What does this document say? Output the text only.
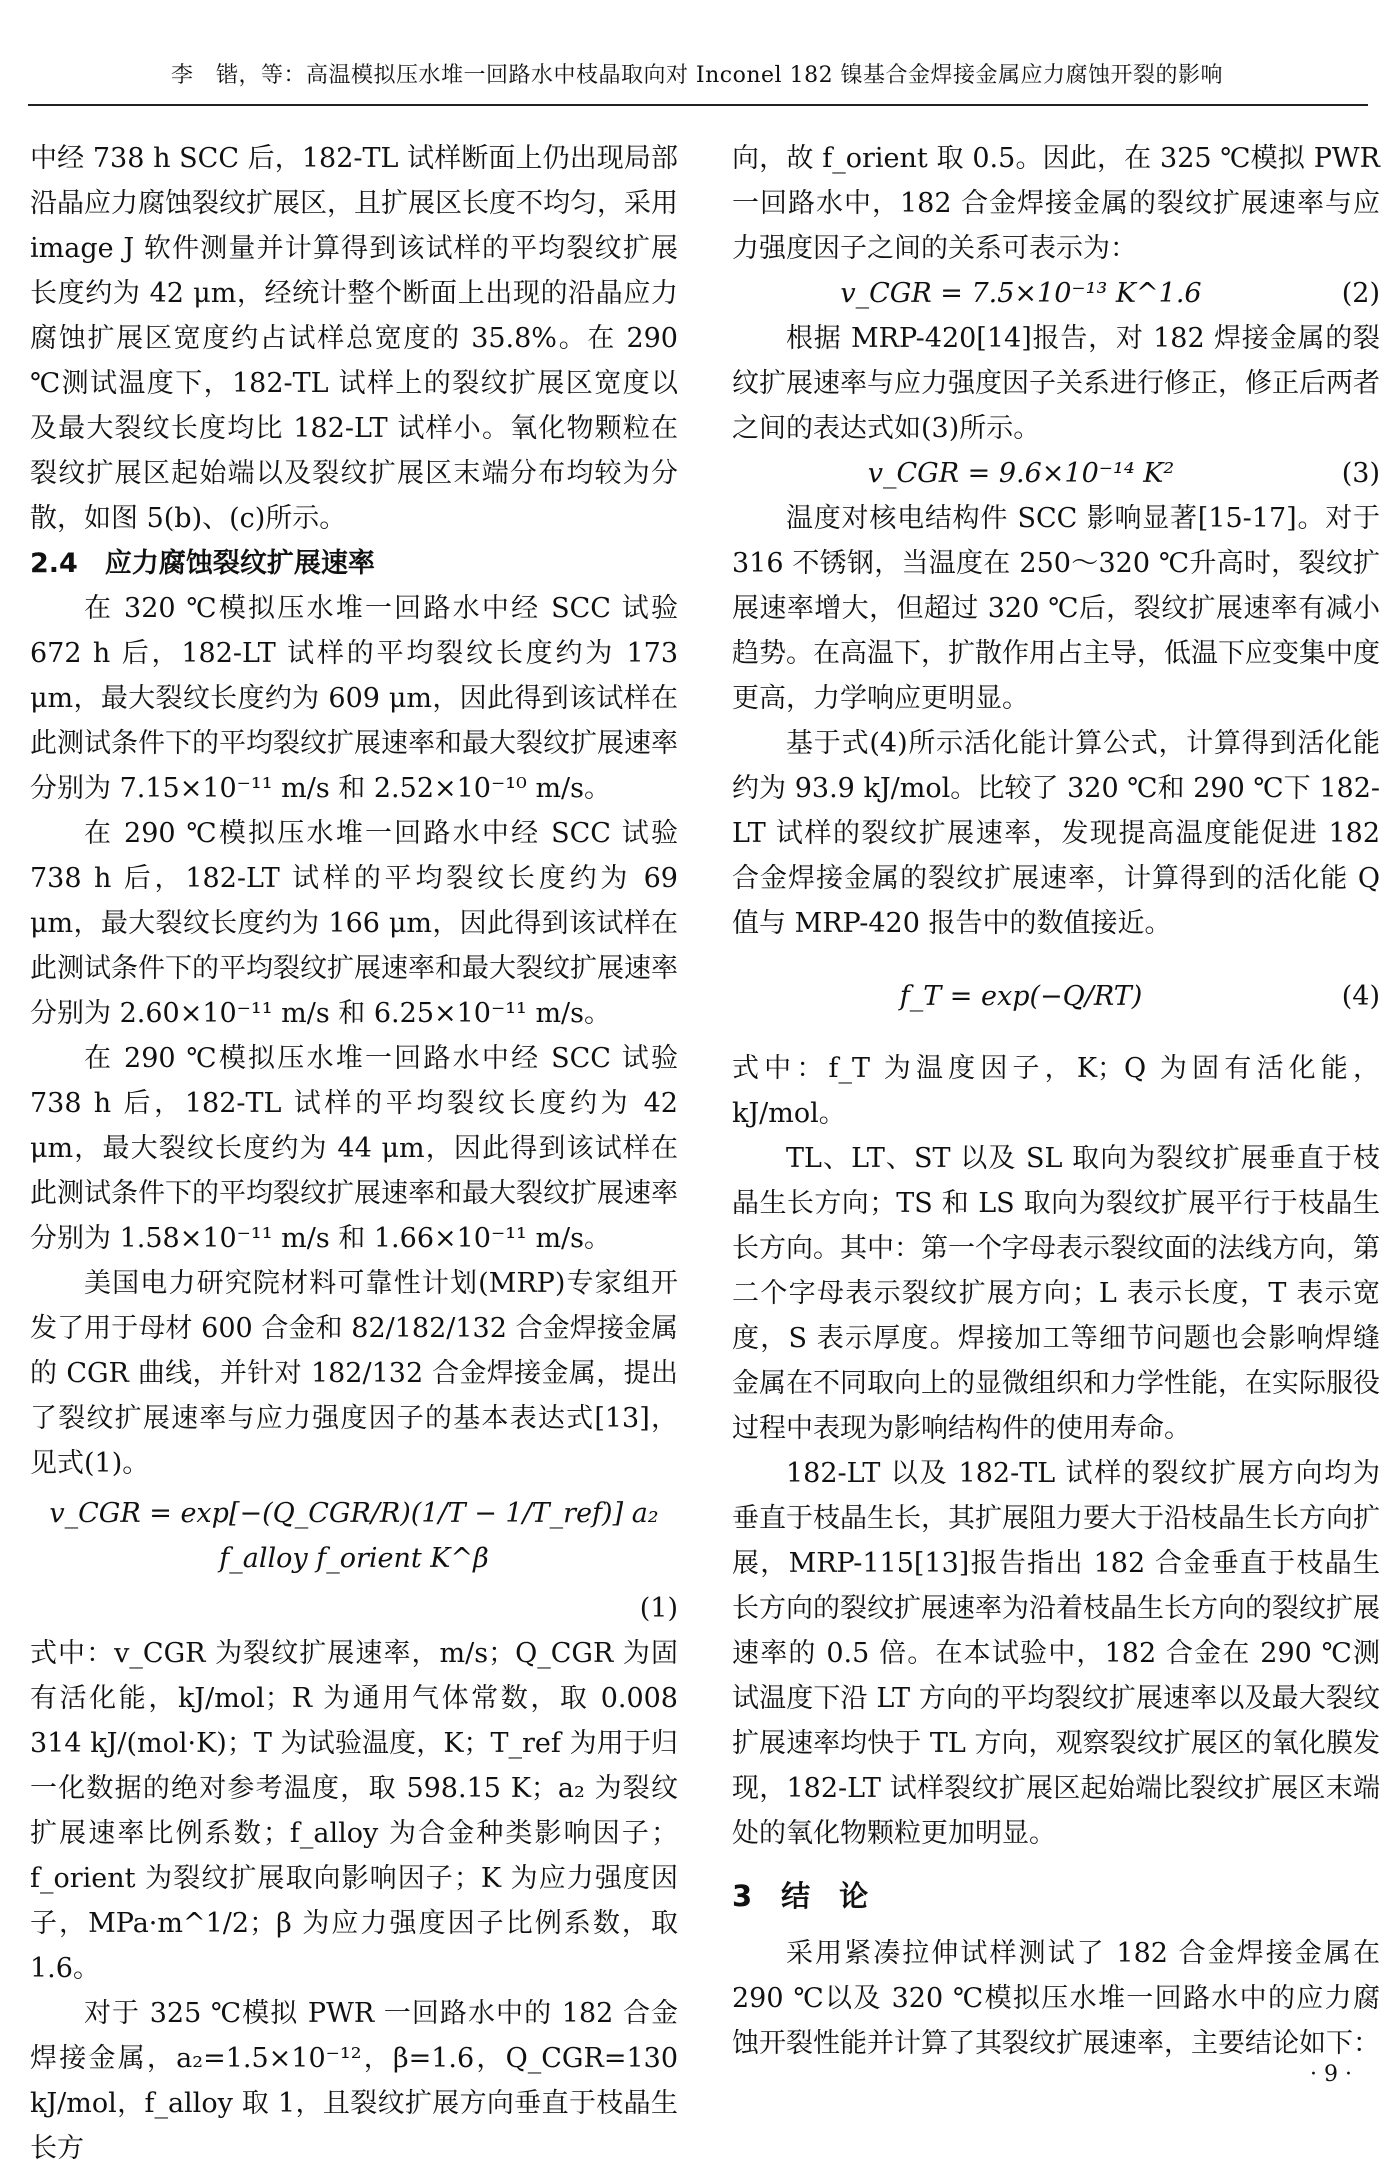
李　锴，等：高温模拟压水堆一回路水中枝晶取向对 Inconel 182 镍基合金焊接金属应力腐蚀开裂的影响

中经 738 h SCC 后，182-TL 试样断面上仍出现局部沿晶应力腐蚀裂纹扩展区，且扩展区长度不均匀，采用 image J 软件测量并计算得到该试样的平均裂纹扩展长度约为 42 μm，经统计整个断面上出现的沿晶应力腐蚀扩展区宽度约占试样总宽度的 35.8%。在 290 ℃测试温度下，182-TL 试样上的裂纹扩展区宽度以及最大裂纹长度均比 182-LT 试样小。氧化物颗粒在裂纹扩展区起始端以及裂纹扩展区末端分布均较为分散，如图 5(b)、(c)所示。

2.4　应力腐蚀裂纹扩展速率

在 320 ℃模拟压水堆一回路水中经 SCC 试验 672 h 后，182-LT 试样的平均裂纹长度约为 173 μm，最大裂纹长度约为 609 μm，因此得到该试样在此测试条件下的平均裂纹扩展速率和最大裂纹扩展速率分别为 7.15×10⁻¹¹ m/s 和 2.52×10⁻¹⁰ m/s。

在 290 ℃模拟压水堆一回路水中经 SCC 试验 738 h 后，182-LT 试样的平均裂纹长度约为 69 μm，最大裂纹长度约为 166 μm，因此得到该试样在此测试条件下的平均裂纹扩展速率和最大裂纹扩展速率分别为 2.60×10⁻¹¹ m/s 和 6.25×10⁻¹¹ m/s。

在 290 ℃模拟压水堆一回路水中经 SCC 试验 738 h 后，182-TL 试样的平均裂纹长度约为 42 μm，最大裂纹长度约为 44 μm，因此得到该试样在此测试条件下的平均裂纹扩展速率和最大裂纹扩展速率分别为 1.58×10⁻¹¹ m/s 和 1.66×10⁻¹¹ m/s。

美国电力研究院材料可靠性计划(MRP)专家组开发了用于母材 600 合金和 82/182/132 合金焊接金属的 CGR 曲线，并针对 182/132 合金焊接金属，提出了裂纹扩展速率与应力强度因子的基本表达式[13]，见式(1)。

v_CGR = exp[−(Q_CGR/R)(1/T − 1/T_ref)] a₂ f_alloy f_orient K^β

(1)

式中：v_CGR 为裂纹扩展速率，m/s；Q_CGR 为固有活化能，kJ/mol；R 为通用气体常数，取 0.008 314 kJ/(mol·K)；T 为试验温度，K；T_ref 为用于归一化数据的绝对参考温度，取 598.15 K；a₂ 为裂纹扩展速率比例系数；f_alloy 为合金种类影响因子；f_orient 为裂纹扩展取向影响因子；K 为应力强度因子，MPa·m^1/2；β 为应力强度因子比例系数，取 1.6。

对于 325 ℃模拟 PWR 一回路水中的 182 合金焊接金属，a₂=1.5×10⁻¹²，β=1.6，Q_CGR=130 kJ/mol，f_alloy 取 1，且裂纹扩展方向垂直于枝晶生长方

向，故 f_orient 取 0.5。因此，在 325 ℃模拟 PWR 一回路水中，182 合金焊接金属的裂纹扩展速率与应力强度因子之间的关系可表示为：

v_CGR = 7.5×10⁻¹³ K^1.6	(2)

根据 MRP-420[14]报告，对 182 焊接金属的裂纹扩展速率与应力强度因子关系进行修正，修正后两者之间的表达式如(3)所示。

v_CGR = 9.6×10⁻¹⁴ K²	(3)

温度对核电结构件 SCC 影响显著[15-17]。对于 316 不锈钢，当温度在 250～320 ℃升高时，裂纹扩展速率增大，但超过 320 ℃后，裂纹扩展速率有减小趋势。在高温下，扩散作用占主导，低温下应变集中度更高，力学响应更明显。

基于式(4)所示活化能计算公式，计算得到活化能约为 93.9 kJ/mol。比较了 320 ℃和 290 ℃下 182-LT 试样的裂纹扩展速率，发现提高温度能促进 182 合金焊接金属的裂纹扩展速率，计算得到的活化能 Q 值与 MRP-420 报告中的数值接近。

f_T = exp(−Q/RT)	(4)

式中：f_T 为温度因子，K；Q 为固有活化能，kJ/mol。

TL、LT、ST 以及 SL 取向为裂纹扩展垂直于枝晶生长方向；TS 和 LS 取向为裂纹扩展平行于枝晶生长方向。其中：第一个字母表示裂纹面的法线方向，第二个字母表示裂纹扩展方向；L 表示长度，T 表示宽度，S 表示厚度。焊接加工等细节问题也会影响焊缝金属在不同取向上的显微组织和力学性能，在实际服役过程中表现为影响结构件的使用寿命。

182-LT 以及 182-TL 试样的裂纹扩展方向均为垂直于枝晶生长，其扩展阻力要大于沿枝晶生长方向扩展，MRP-115[13]报告指出 182 合金垂直于枝晶生长方向的裂纹扩展速率为沿着枝晶生长方向的裂纹扩展速率的 0.5 倍。在本试验中，182 合金在 290 ℃测试温度下沿 LT 方向的平均裂纹扩展速率以及最大裂纹扩展速率均快于 TL 方向，观察裂纹扩展区的氧化膜发现，182-LT 试样裂纹扩展区起始端比裂纹扩展区末端处的氧化物颗粒更加明显。

3　结　论

采用紧凑拉伸试样测试了 182 合金焊接金属在 290 ℃以及 320 ℃模拟压水堆一回路水中的应力腐蚀开裂性能并计算了其裂纹扩展速率，主要结论如下：

· 9 ·
